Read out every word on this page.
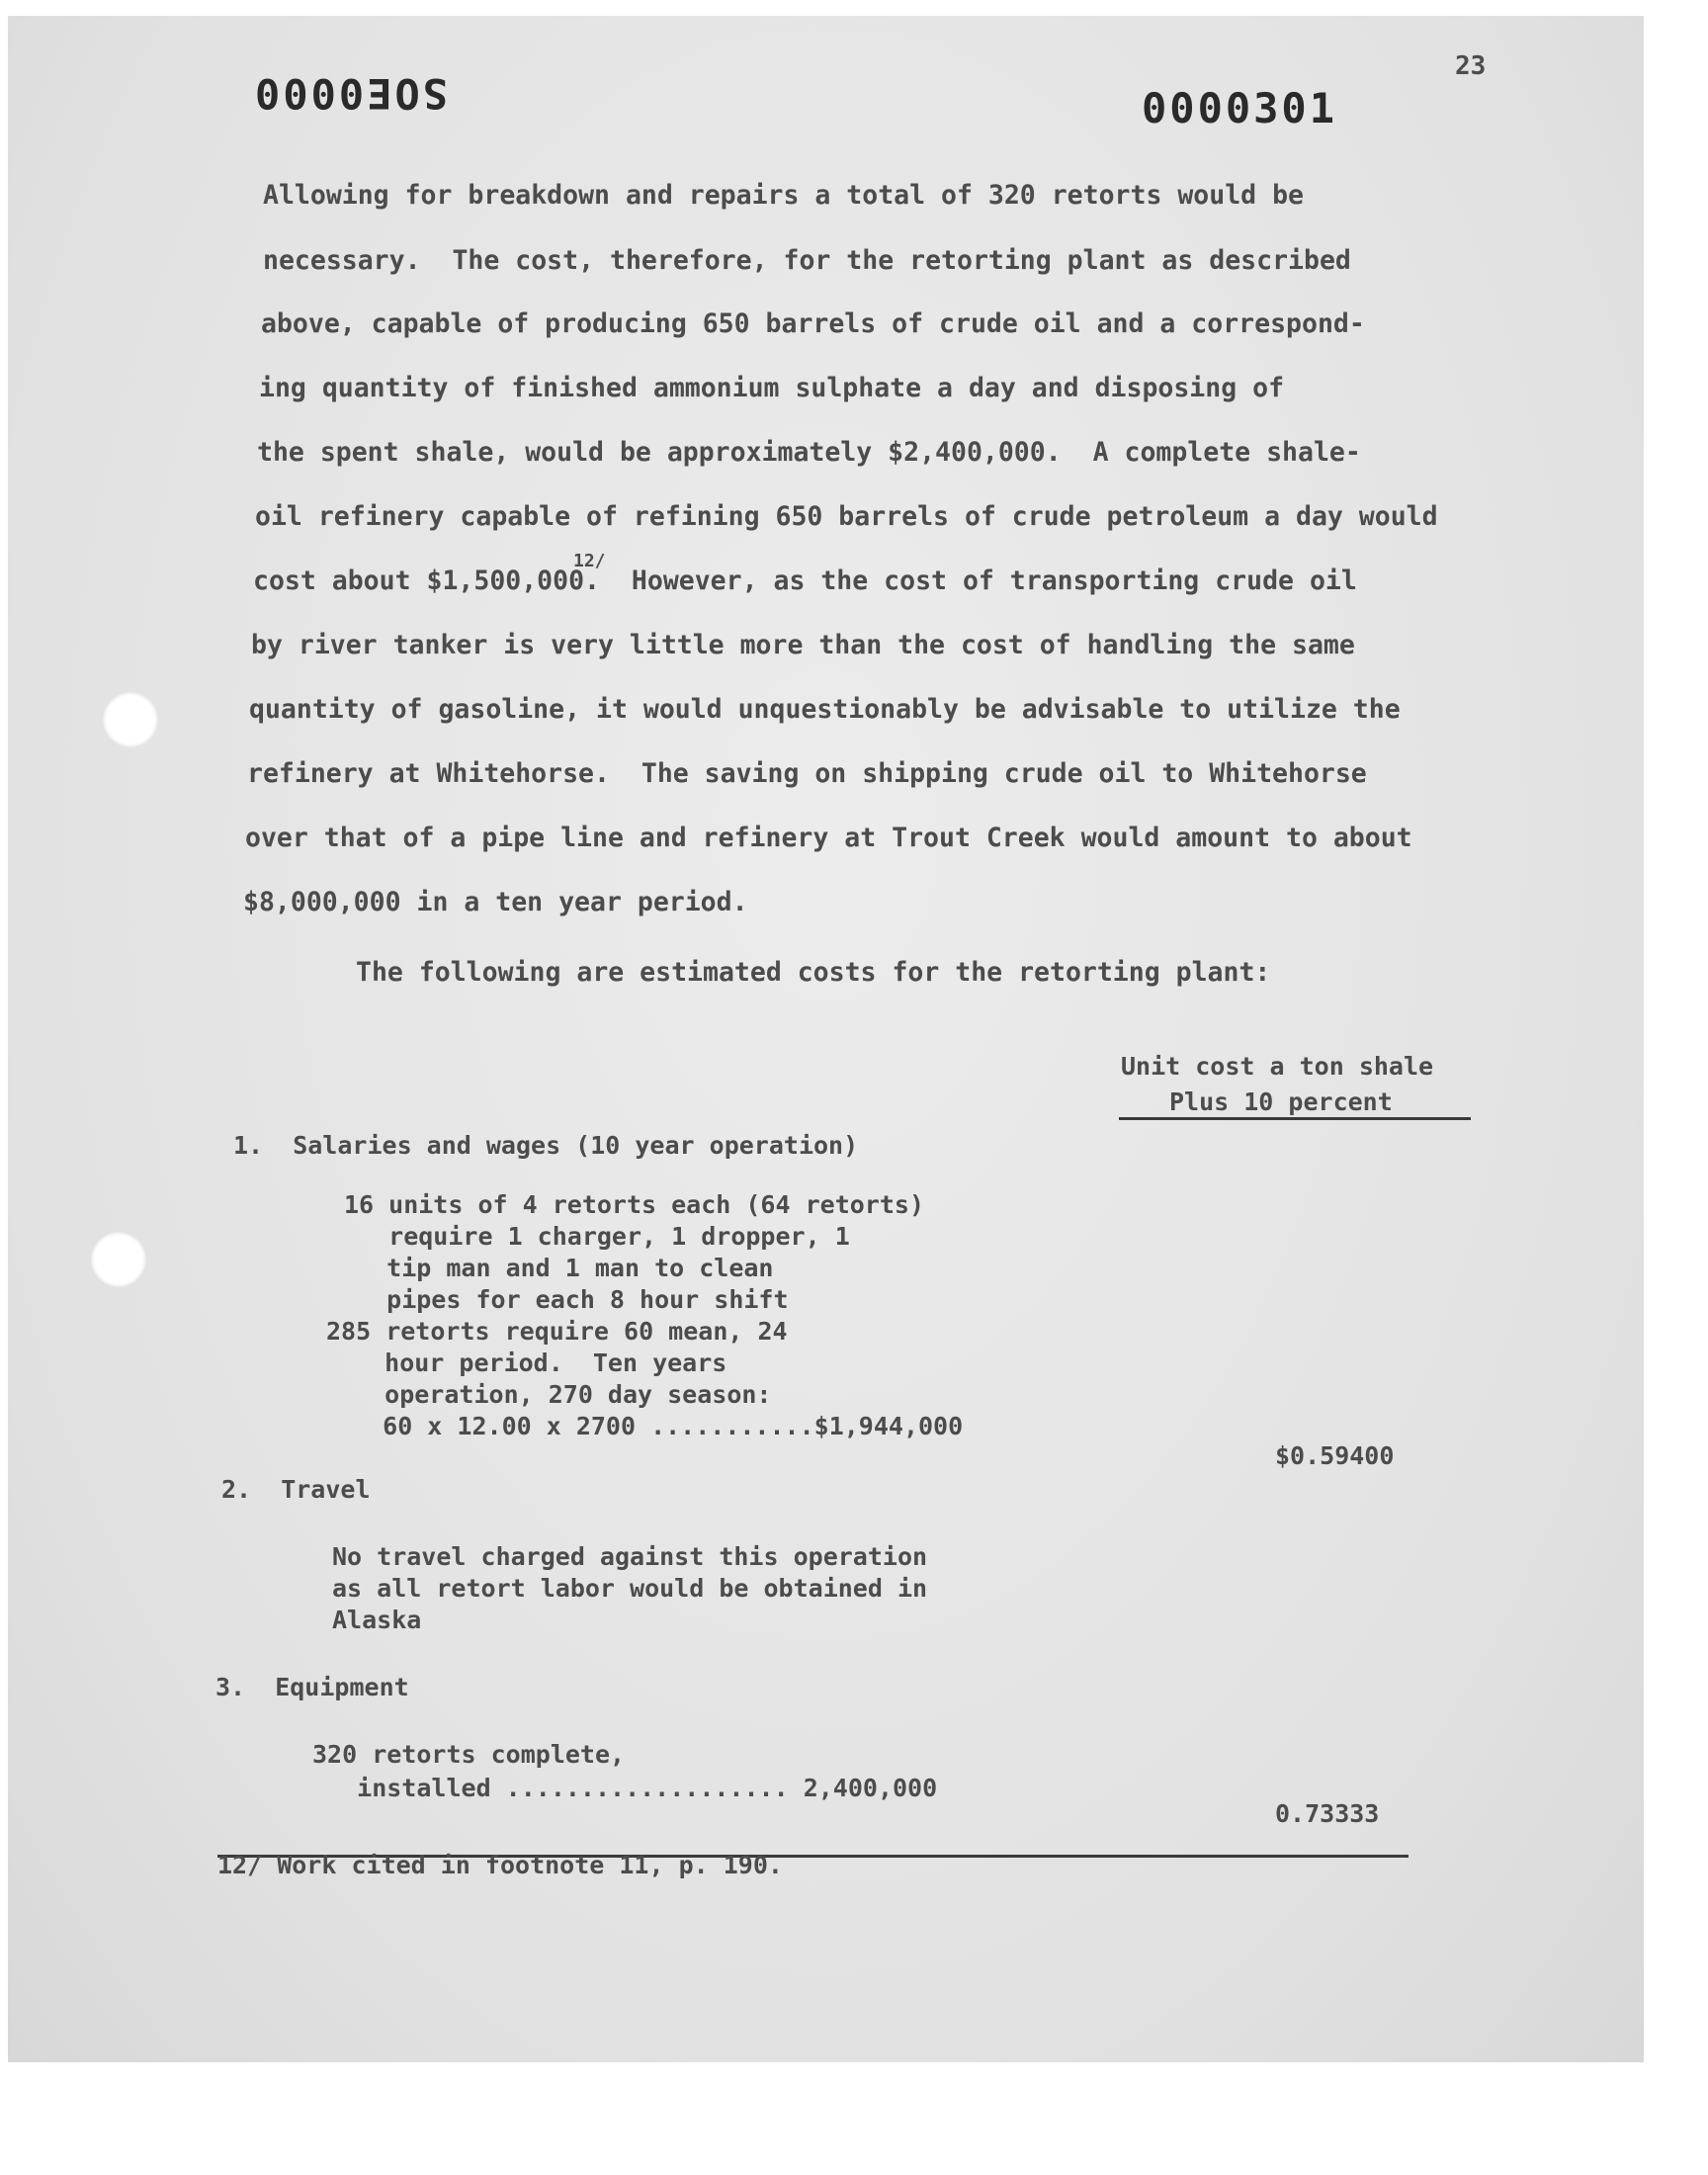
23
SOE0000	0000301
Allowing for breakdown and repairs a total of 320 retorts would be
necessary.  The cost, therefore, for the retorting plant as described
above, capable of producing 650 barrels of crude oil and a correspond-
ing quantity of finished ammonium sulphate a day and disposing of
the spent shale, would be approximately $2,400,000.  A complete shale-
oil refinery capable of refining 650 barrels of crude petroleum a day would
cost about $1,500,000.  However, as the cost of transporting crude oil
by river tanker is very little more than the cost of handling the same
quantity of gasoline, it would unquestionably be advisable to utilize the
refinery at Whitehorse.  The saving on shipping crude oil to Whitehorse
over that of a pipe line and refinery at Trout Creek would amount to about
$8,000,000 in a ten year period.
12/
The following are estimated costs for the retorting plant:
Unit cost a ton shale
Plus 10 percent
1.  Salaries and wages (10 year operation)
16 units of 4 retorts each (64 retorts)
require 1 charger, 1 dropper, 1
tip man and 1 man to clean
pipes for each 8 hour shift
285 retorts require 60 mean, 24
hour period.  Ten years
operation, 270 day season:
60 x 12.00 x 2700 ...........$1,944,000
$0.59400
2.  Travel
No travel charged against this operation
as all retort labor would be obtained in
Alaska
3.  Equipment
320 retorts complete,
installed ................... 2,400,000
0.73333
12/ Work cited in footnote 11, p. 190.
